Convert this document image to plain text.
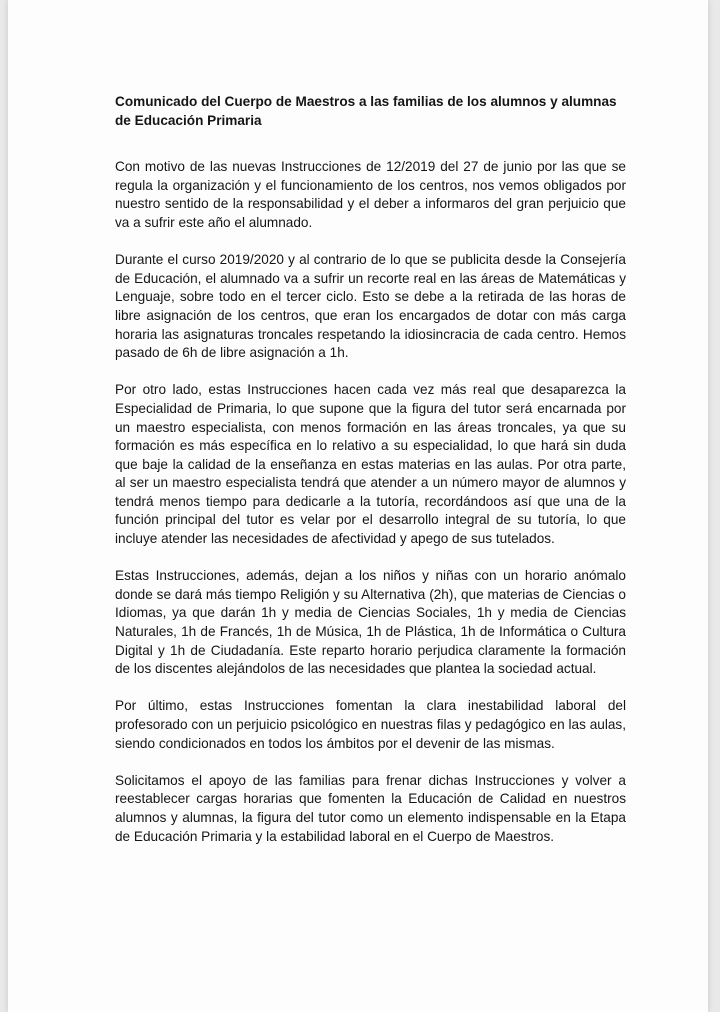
Comunicado del Cuerpo de Maestros a las familias de los alumnos y alumnas de Educación Primaria

Con motivo de las nuevas Instrucciones de 12/2019 del 27 de junio por las que se regula la organización y el funcionamiento de los centros, nos vemos obligados por nuestro sentido de la responsabilidad y el deber a informaros del gran perjuicio que va a sufrir este año el alumnado.

Durante el curso 2019/2020 y al contrario de lo que se publicita desde la Consejería de Educación, el alumnado va a sufrir un recorte real en las áreas de Matemáticas y Lenguaje, sobre todo en el tercer ciclo. Esto se debe a la retirada de las horas de libre asignación de los centros, que eran los encargados de dotar con más carga horaria las asignaturas troncales respetando la idiosincracia de cada centro. Hemos pasado de 6h de libre asignación a 1h.

Por otro lado, estas Instrucciones hacen cada vez más real que desaparezca la Especialidad de Primaria, lo que supone que la figura del tutor será encarnada por un maestro especialista, con menos formación en las áreas troncales, ya que su formación es más específica en lo relativo a su especialidad, lo que hará sin duda que baje la calidad de la enseñanza en estas materias en las aulas. Por otra parte, al ser un maestro especialista tendrá que atender a un número mayor de alumnos y tendrá menos tiempo para dedicarle a la tutoría, recordándoos así que una de la función principal del tutor es velar por el desarrollo integral de su tutoría, lo que incluye atender las necesidades de afectividad y apego de sus tutelados.

Estas Instrucciones, además, dejan a los niños y niñas con un horario anómalo donde se dará más tiempo Religión y su Alternativa (2h), que materias de Ciencias o Idiomas, ya que darán 1h y media de Ciencias Sociales, 1h y media de Ciencias Naturales, 1h de Francés, 1h de Música, 1h de Plástica, 1h de Informática o Cultura Digital y 1h de Ciudadanía. Este reparto horario perjudica claramente la formación de los discentes alejándolos de las necesidades que plantea la sociedad actual.

Por último, estas Instrucciones fomentan la clara inestabilidad laboral del profesorado con un perjuicio psicológico en nuestras filas y pedagógico en las aulas, siendo condicionados en todos los ámbitos por el devenir de las mismas.

Solicitamos el apoyo de las familias para frenar dichas Instrucciones y volver a reestablecer cargas horarias que fomenten la Educación de Calidad en nuestros alumnos y alumnas, la figura del tutor como un elemento indispensable en la Etapa de Educación Primaria y la estabilidad laboral en el Cuerpo de Maestros.
